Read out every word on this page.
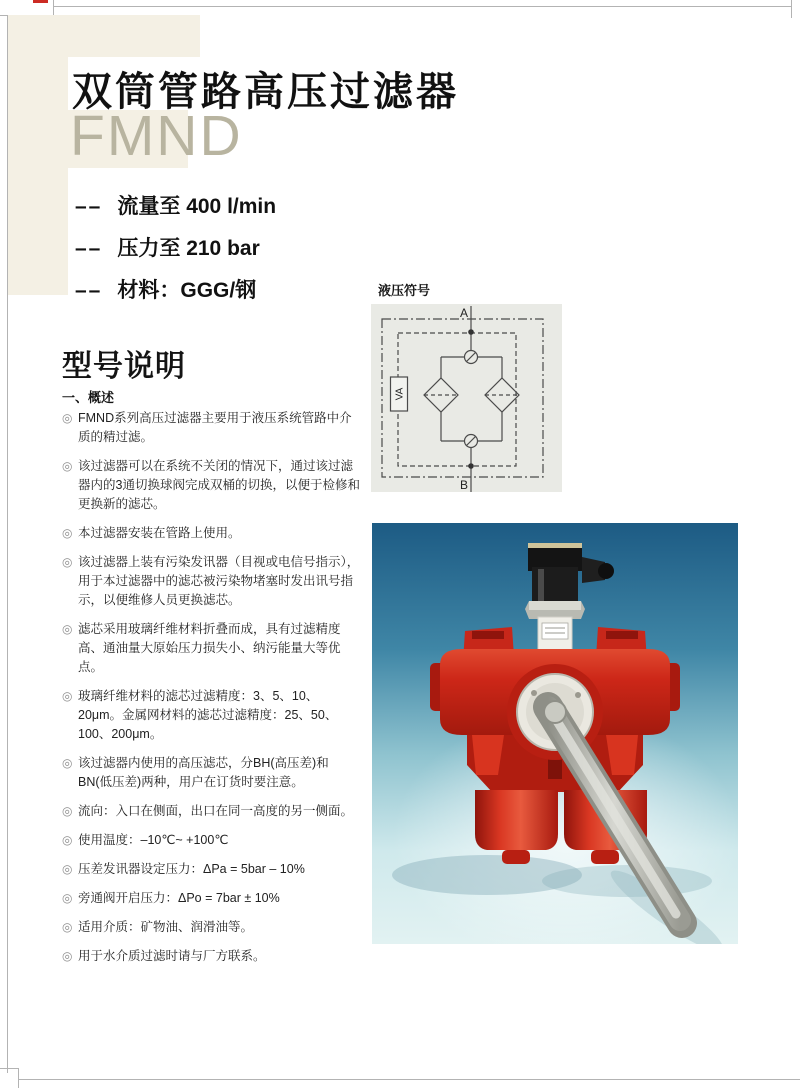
双筒管路高压过滤器
FMND
–– 流量至 400 l/min
–– 压力至 210 bar
–– 材料：GGG/钢
型号说明
一、概述
◎ FMND系列高压过滤器主要用于液压系统管路中介质的精过滤。
◎ 该过滤器可以在系统不关闭的情况下，通过该过滤器内的3通切换球阀完成双桶的切换，以便于检修和更换新的滤芯。
◎ 本过滤器安装在管路上使用。
◎ 该过滤器上装有污染发讯器（目视或电信号指示），用于本过滤器中的滤芯被污染物堵塞时发出讯号指示，以便维修人员更换滤芯。
◎ 滤芯采用玻璃纤维材料折叠而成，具有过滤精度高、通油量大原始压力损失小、纳污能量大等优点。
◎ 玻璃纤维材料的滤芯过滤精度：3、5、10、20μm。金属网材料的滤芯过滤精度：25、50、100、200μm。
◎ 该过滤器内使用的高压滤芯，分BH(高压差)和BN(低压差)两种，用户在订货时要注意。
◎ 流向：入口在侧面，出口在同一高度的另一侧面。
◎ 使用温度：–10℃~ +100℃
◎ 压差发讯器设定压力：ΔPa = 5bar – 10%
◎ 旁通阀开启压力：ΔPo = 7bar ± 10%
◎ 适用介质：矿物油、润滑油等。
◎ 用于水介质过滤时请与厂方联系。
液压符号
A
B
VA
